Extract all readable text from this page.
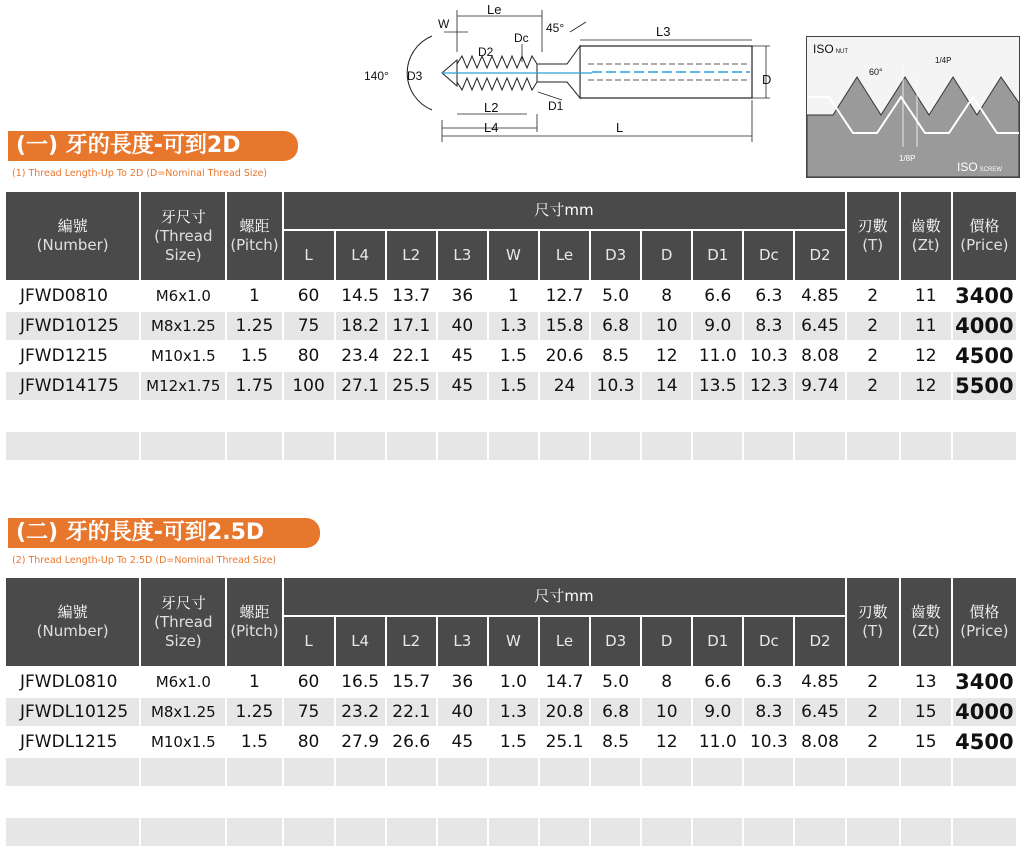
W
Le
Dc
45°	L3
D2
140° D3	D
L2	D1
L4	L
ISO NUT
60°
1/4P
1/8P
ISO SCREW
(一) 牙的長度-可到2D
(1) Thread Length-Up To 2D (D=Nominal Thread Size)
編號
(Number)	牙尺寸
(Thread
Size)	螺距
(Pitch)	尺寸mm											刃數
(T)	齒數
(Zt)	價格
(Price)
			L	L4	L2	L3	W	Le	D3	D	D1	Dc	D2			
JFWD0810	M6x1.0	1	60	14.5	13.7	36	1	12.7	5.0	8	6.6	6.3	4.85	2	11	3400
JFWD10125	M8x1.25	1.25	75	18.2	17.1	40	1.3	15.8	6.8	10	9.0	8.3	6.45	2	11	4000
JFWD1215	M10x1.5	1.5	80	23.4	22.1	45	1.5	20.6	8.5	12	11.0	10.3	8.08	2	12	4500
JFWD14175	M12x1.75	1.75	100	27.1	25.5	45	1.5	24	10.3	14	13.5	12.3	9.74	2	12	5500

(二) 牙的長度-可到2.5D
(2) Thread Length-Up To 2.5D (D=Nominal Thread Size)
編號
(Number)	牙尺寸
(Thread
Size)	螺距
(Pitch)	尺寸mm											刃數
(T)	齒數
(Zt)	價格
(Price)
			L	L4	L2	L3	W	Le	D3	D	D1	Dc	D2			
JFWDL0810	M6x1.0	1	60	16.5	15.7	36	1.0	14.7	5.0	8	6.6	6.3	4.85	2	13	3400
JFWDL10125	M8x1.25	1.25	75	23.2	22.1	40	1.3	20.8	6.8	10	9.0	8.3	6.45	2	15	4000
JFWDL1215	M10x1.5	1.5	80	27.9	26.6	45	1.5	25.1	8.5	12	11.0	10.3	8.08	2	15	4500
